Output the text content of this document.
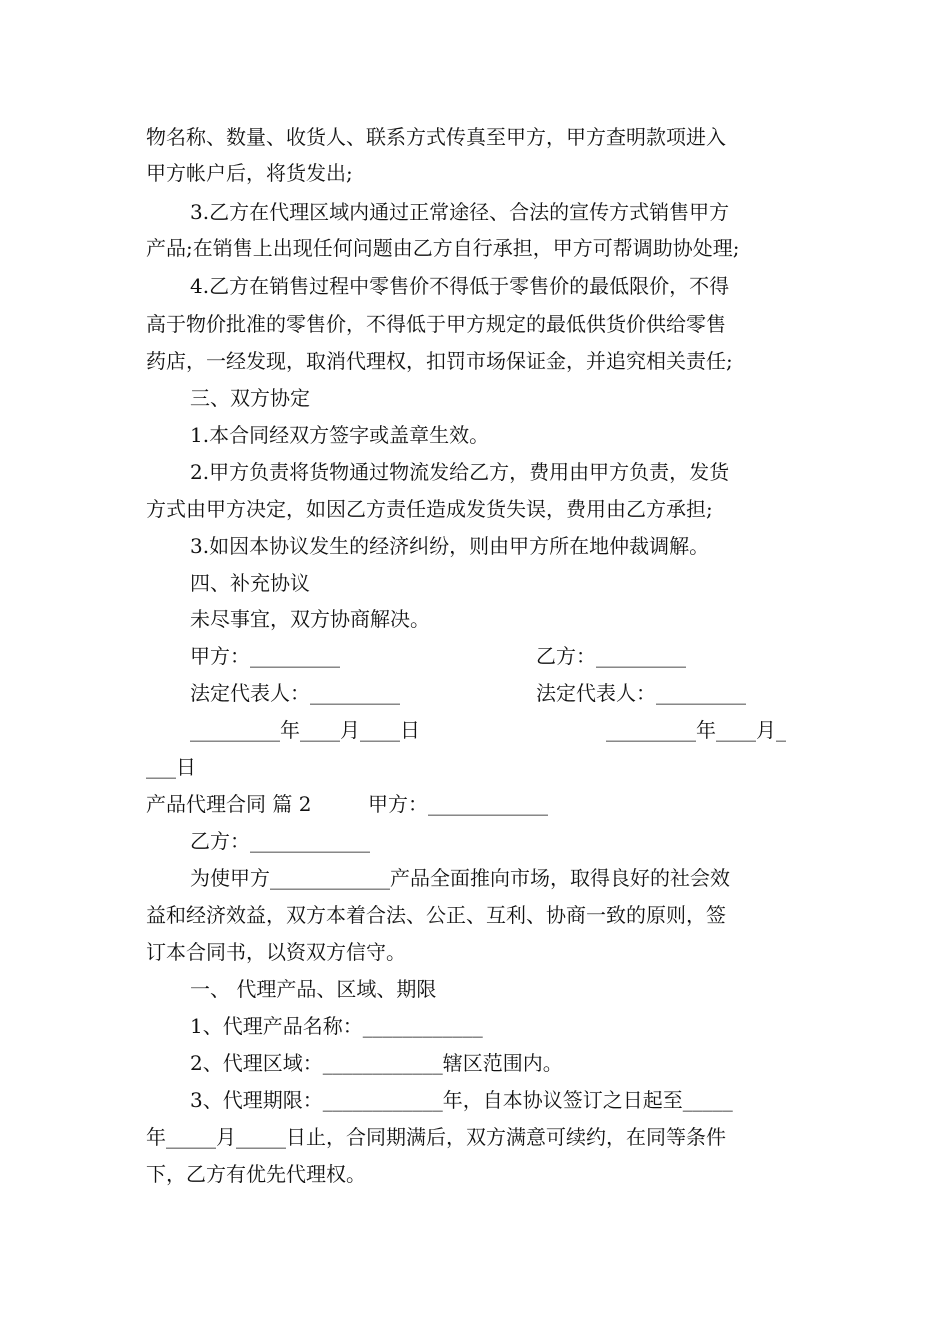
物名称、数量、收货人、联系方式传真至甲方，甲方查明款项进入
甲方帐户后，将货发出;
3.乙方在代理区域内通过正常途径、合法的宣传方式销售甲方
产品;在销售上出现任何问题由乙方自行承担，甲方可帮调助协处理;
4.乙方在销售过程中零售价不得低于零售价的最低限价，不得
高于物价批准的零售价，不得低于甲方规定的最低供货价供给零售
药店，一经发现，取消代理权，扣罚市场保证金，并追究相关责任;
三、双方协定
1.本合同经双方签字或盖章生效。
2.甲方负责将货物通过物流发给乙方，费用由甲方负责，发货
方式由甲方决定，如因乙方责任造成发货失误，费用由乙方承担;
3.如因本协议发生的经济纠纷，则由甲方所在地仲裁调解。
四、补充协议
未尽事宜，双方协商解决。
甲方：_________	乙方：_________
法定代表人：_________	法定代表人：_________
_________年____月____日	_________年____月_
___日
产品代理合同 篇 2	甲方：____________
乙方：____________
为使甲方____________产品全面推向市场，取得良好的社会效
益和经济效益，双方本着合法、公正、互利、协商一致的原则，签
订本合同书，以资双方信守。
一、 代理产品、区域、期限
1、代理产品名称：____________
2、代理区域：____________辖区范围内。
3、代理期限：____________年，自本协议签订之日起至_____
年_____月_____日止，合同期满后，双方满意可续约，在同等条件
下，乙方有优先代理权。
